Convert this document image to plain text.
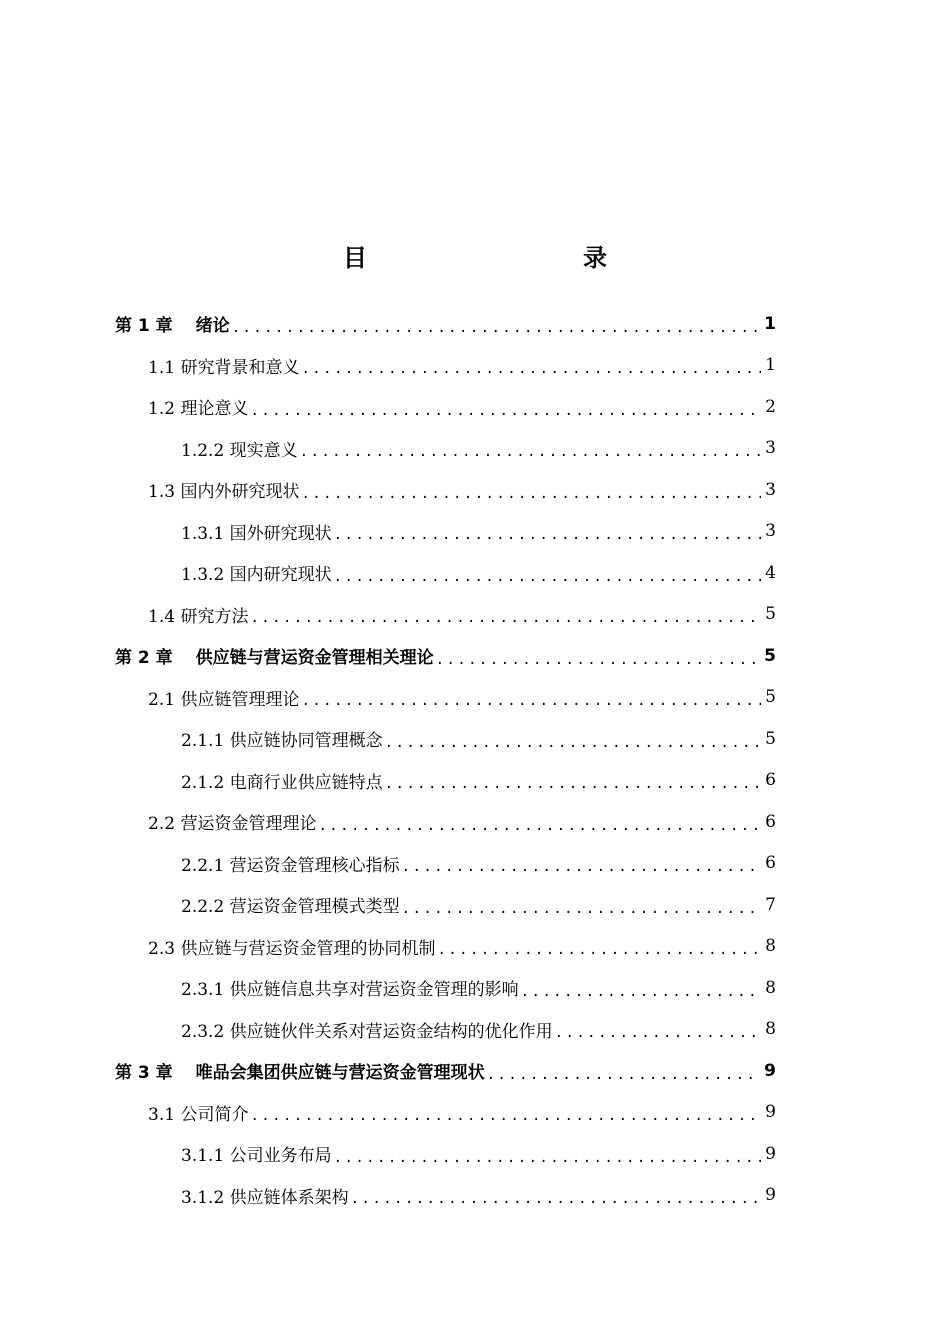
目　　录
第 1 章　 绪论 .....	1
1.1 研究背景和意义 .....	1
1.2 理论意义 .....	2
1.2.2 现实意义 .....	3
1.3 国内外研究现状 .....	3
1.3.1 国外研究现状 .....	3
1.3.2 国内研究现状 .....	4
1.4 研究方法 .....	5
第 2 章　 供应链与营运资金管理相关理论 .....	5
2.1 供应链管理理论 .....	5
2.1.1 供应链协同管理概念 .....	5
2.1.2 电商行业供应链特点 .....	6
2.2 营运资金管理理论 .....	6
2.2.1 营运资金管理核心指标 .....	6
2.2.2 营运资金管理模式类型 .....	7
2.3 供应链与营运资金管理的协同机制 .....	8
2.3.1 供应链信息共享对营运资金管理的影响 .....	8
2.3.2 供应链伙伴关系对营运资金结构的优化作用 .....	8
第 3 章　 唯品会集团供应链与营运资金管理现状 .....	9
3.1 公司简介 .....	9
3.1.1 公司业务布局 .....	9
3.1.2 供应链体系架构 .....	9
